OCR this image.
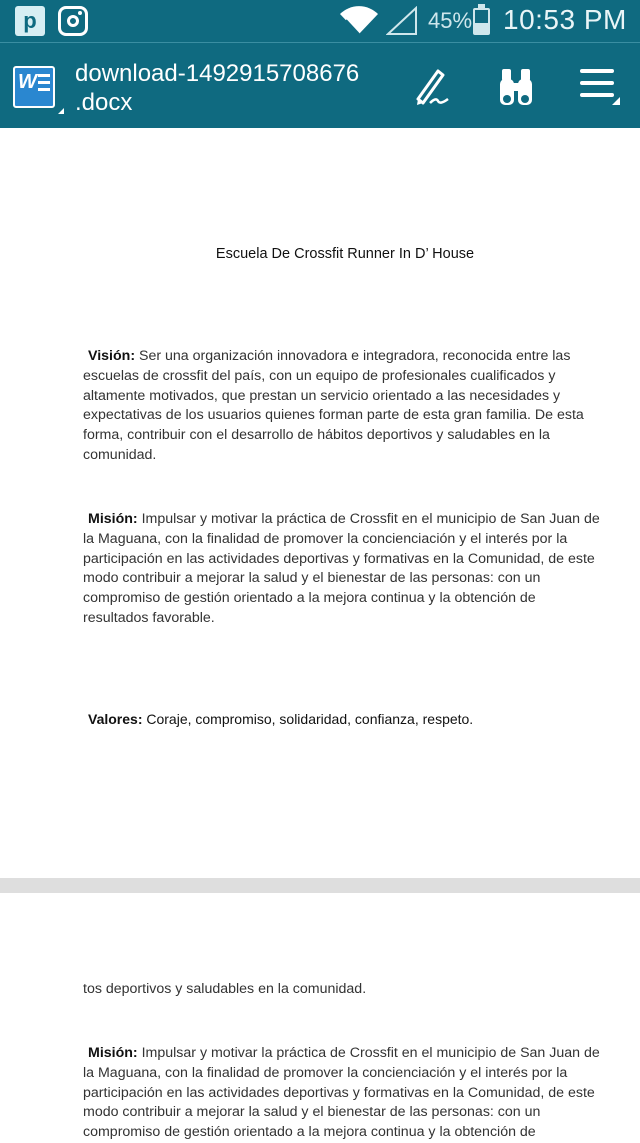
p	45% 10:53 PM
W download-1492915708676
.docx
Escuela De Crossfit Runner In D’ House
Visión: Ser una organización innovadora e integradora, reconocida entre las escuelas de crossfit del país, con un equipo de profesionales cualificados y altamente motivados, que prestan un servicio orientado a las necesidades y expectativas de los usuarios quienes forman parte de esta gran familia. De esta forma, contribuir con el desarrollo de hábitos deportivos y saludables en la comunidad.
Misión: Impulsar y motivar la práctica de Crossfit en el municipio de San Juan de la Maguana, con la finalidad de promover la concienciación y el interés por la participación en las actividades deportivas y formativas en la Comunidad, de este modo contribuir a mejorar la salud y el bienestar de las personas: con un compromiso de gestión orientado a la mejora continua y la obtención de resultados favorable.
Valores: Coraje, compromiso, solidaridad, confianza, respeto.
tos deportivos y saludables en la comunidad.
Misión: Impulsar y motivar la práctica de Crossfit en el municipio de San Juan de la Maguana, con la finalidad de promover la concienciación y el interés por la participación en las actividades deportivas y formativas en la Comunidad, de este modo contribuir a mejorar la salud y el bienestar de las personas: con un compromiso de gestión orientado a la mejora continua y la obtención de
